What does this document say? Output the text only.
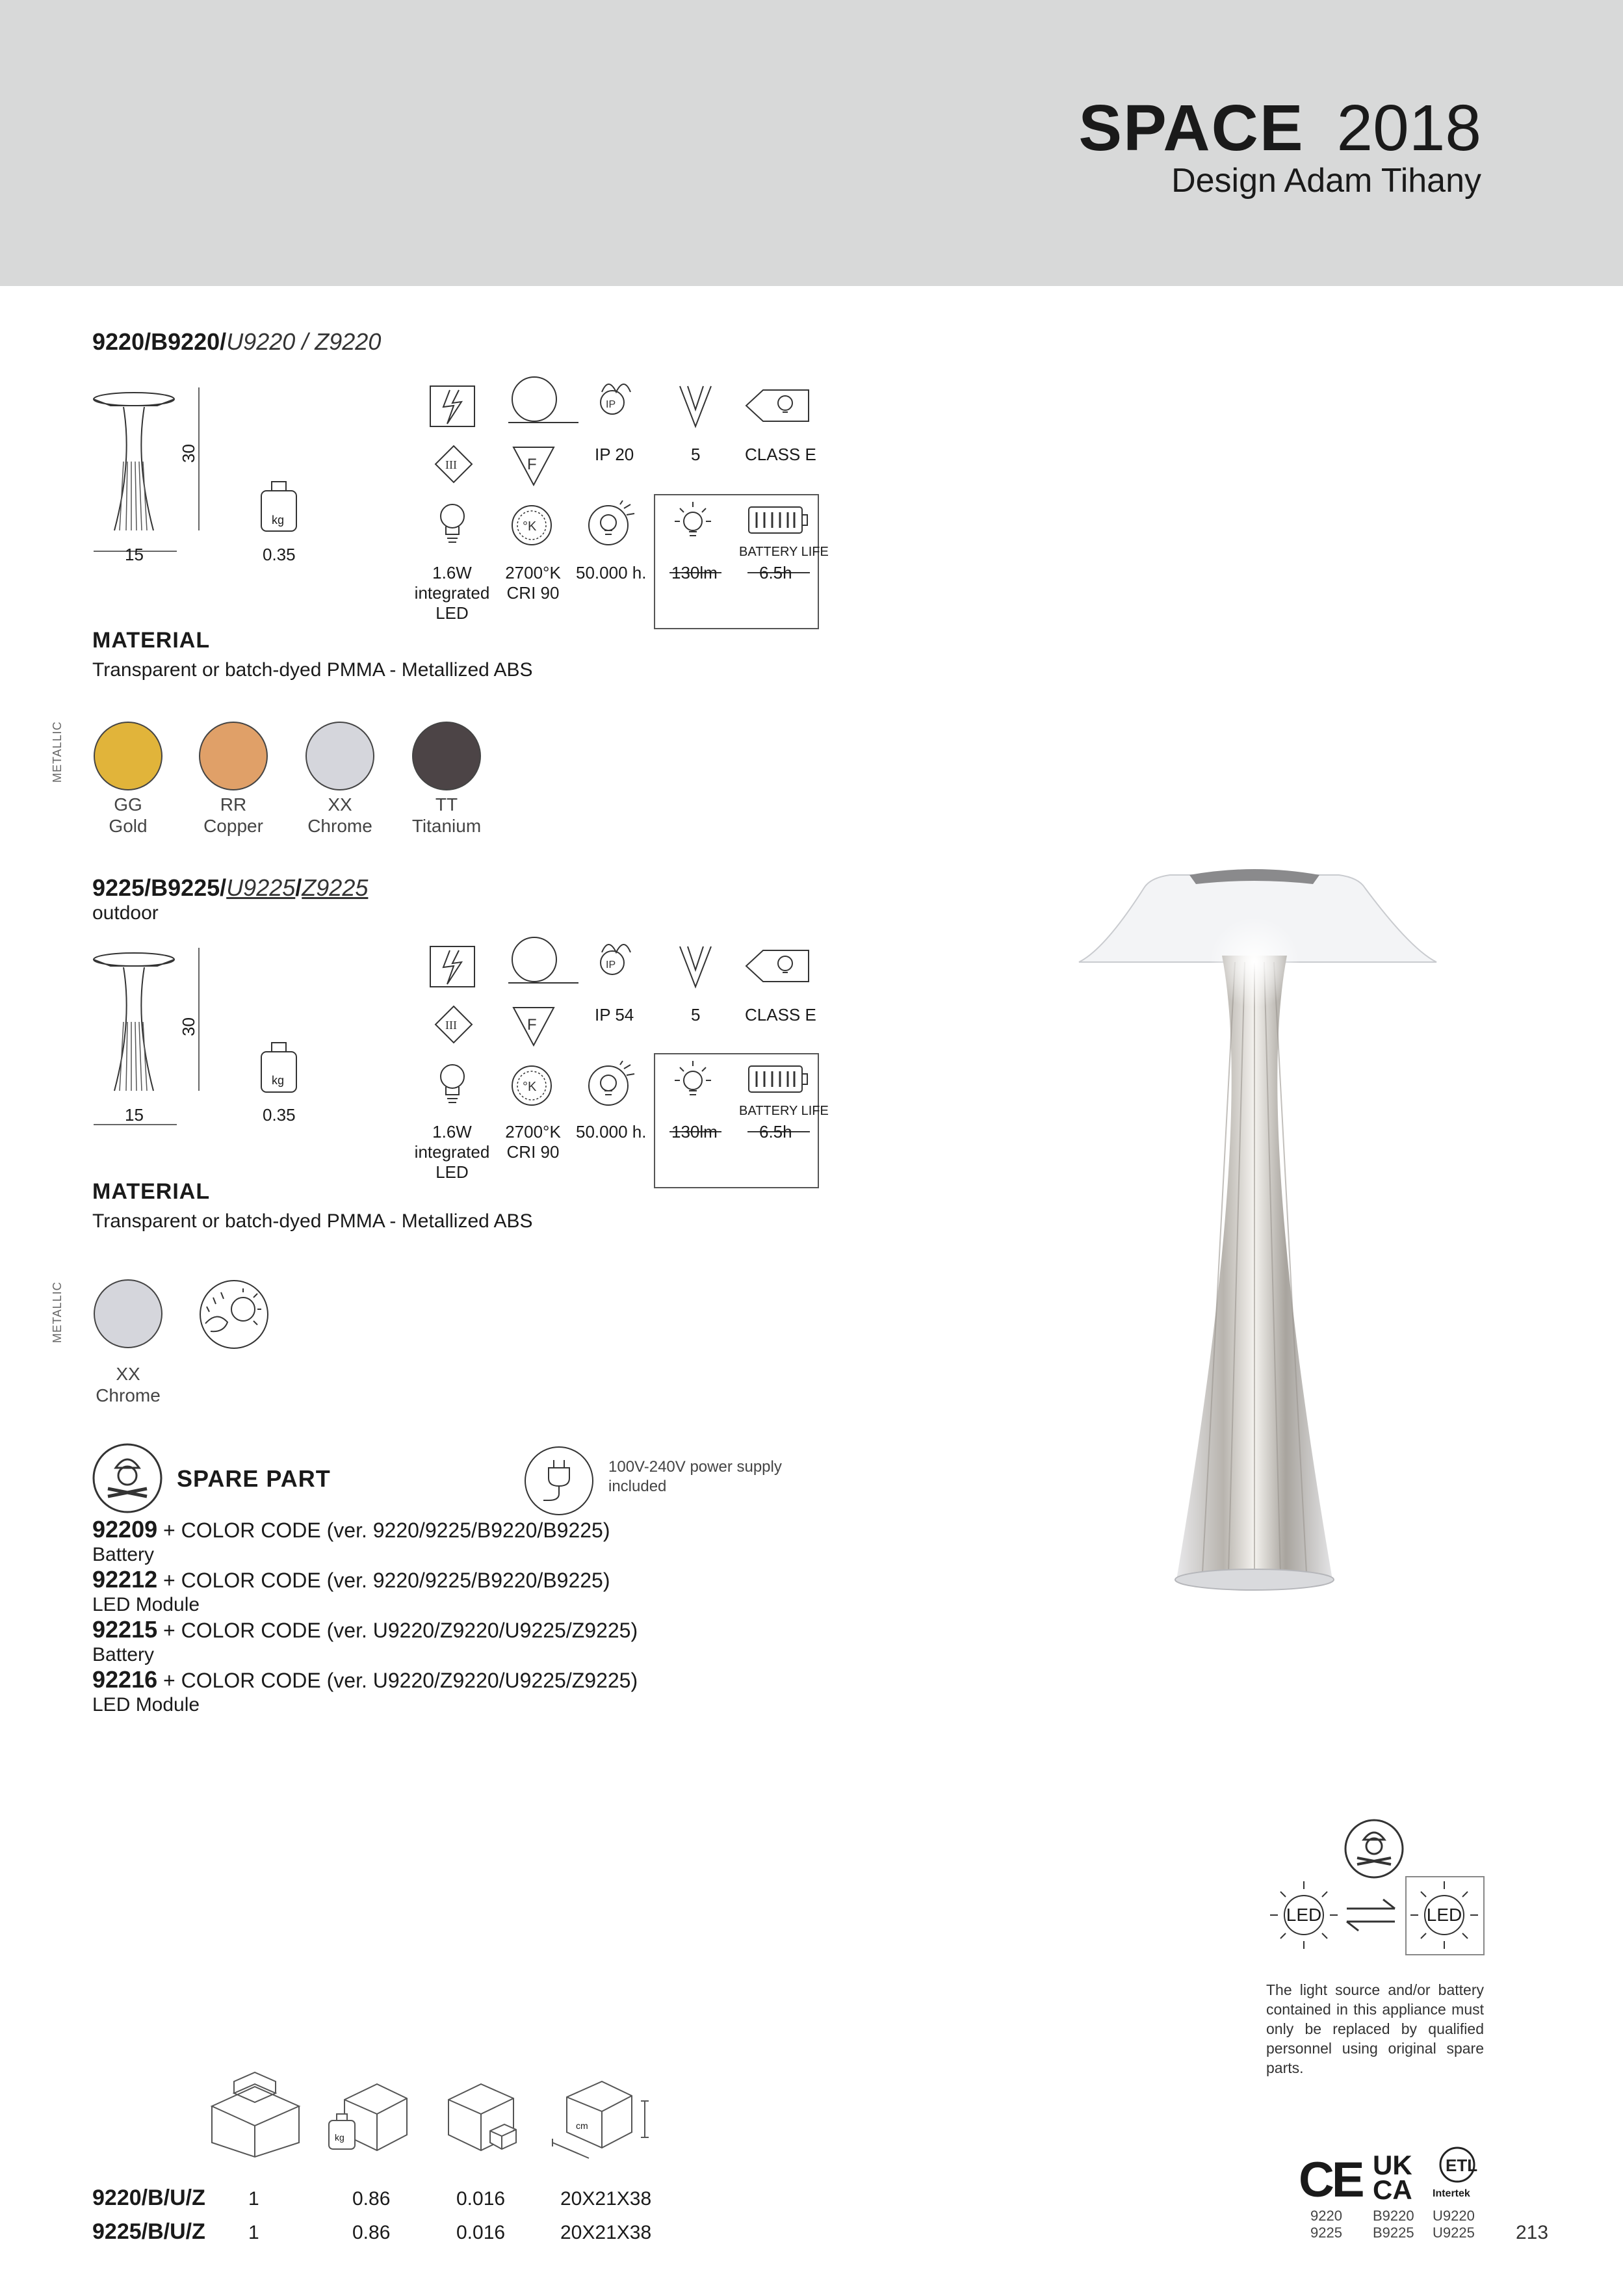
SPACE 2018
Design Adam Tihany
9220/B9220/U9220 / Z9220
30
15
kg
0.35
IP
III	F
IP 20	5	CLASS E
°K
BATTERY LIFE
1.6W
integrated
LED
2700°K
CRI 90
50.000 h. 130lm 6.5h
MATERIAL
Transparent or batch-dyed PMMA - Metallized ABS
METALLIC
GG
Gold
RR
Copper
XX
Chrome
TT
Titanium
9225/B9225/U9225/Z9225
outdoor
30
15
kg
0.35
IP
III	F
IP 54	5	CLASS E
°K
BATTERY LIFE
1.6W
integrated
LED
2700°K
CRI 90
50.000 h. 130lm 6.5h
MATERIAL
Transparent or batch-dyed PMMA - Metallized ABS
METALLIC
XX
Chrome
SPARE PART	100V-240V power supply
included
92209 + COLOR CODE (ver. 9220/9225/B9220/B9225)
Battery
92212 + COLOR CODE (ver. 9220/9225/B9220/B9225)
LED Module
92215 + COLOR CODE (ver. U9220/Z9220/U9225/Z9225)
Battery
92216 + COLOR CODE (ver. U9220/Z9220/U9225/Z9225)
LED Module
LED	LED
The light source and/or battery contained in this appliance must only be replaced by qualified personnel using original spare parts.
kg
cm
9220/B/U/Z 1	0.86	0.016	20X21X38
9225/B/U/Z 1	0.86	0.016	20X21X38
CE UK
CA
ETL
Intertek
9220
9225
B9220
B9225
U9220
U9225 213
